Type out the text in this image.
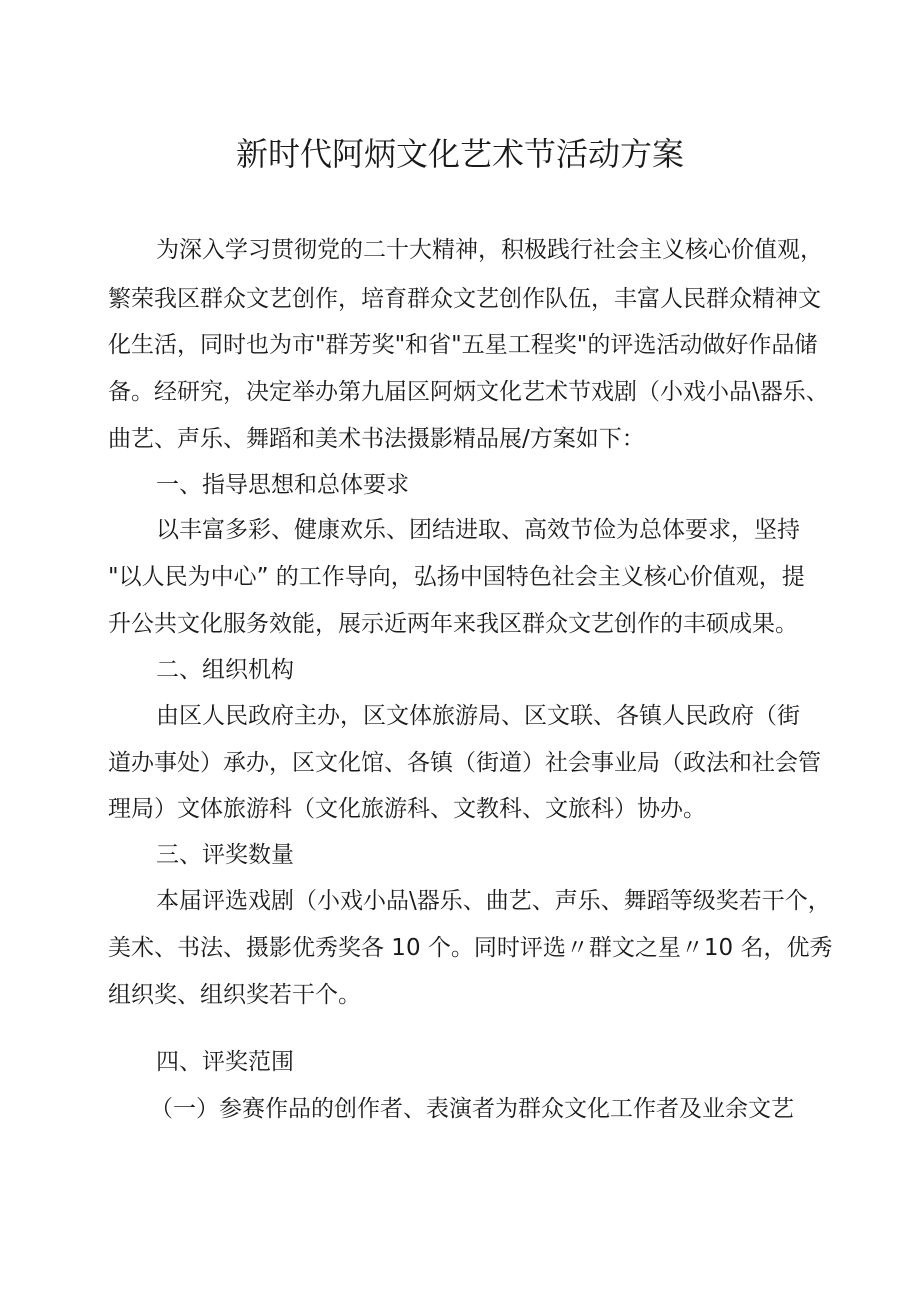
新时代阿炳文化艺术节活动方案

为深入学习贯彻党的二十大精神，积极践行社会主义核心价值观，

繁荣我区群众文艺创作，培育群众文艺创作队伍，丰富人民群众精神文

化生活，同时也为市"群芳奖"和省"五星工程奖"的评选活动做好作品储

备。经研究，决定举办第九届区阿炳文化艺术节戏剧（小戏小品\器乐、

曲艺、声乐、舞蹈和美术书法摄影精品展/方案如下：

一、指导思想和总体要求

以丰富多彩、健康欢乐、团结进取、高效节俭为总体要求，坚持

"以人民为中心” 的工作导向，弘扬中国特色社会主义核心价值观，提

升公共文化服务效能，展示近两年来我区群众文艺创作的丰硕成果。

二、组织机构

由区人民政府主办，区文体旅游局、区文联、各镇人民政府（街

道办事处）承办，区文化馆、各镇（街道）社会事业局（政法和社会管

理局）文体旅游科（文化旅游科、文教科、文旅科）协办。

三、评奖数量

本届评选戏剧（小戏小品\器乐、曲艺、声乐、舞蹈等级奖若干个，

美术、书法、摄影优秀奖各 10 个。同时评选〃群文之星〃10 名，优秀

组织奖、组织奖若干个。

四、评奖范围

（一）参赛作品的创作者、表演者为群众文化工作者及业余文艺
